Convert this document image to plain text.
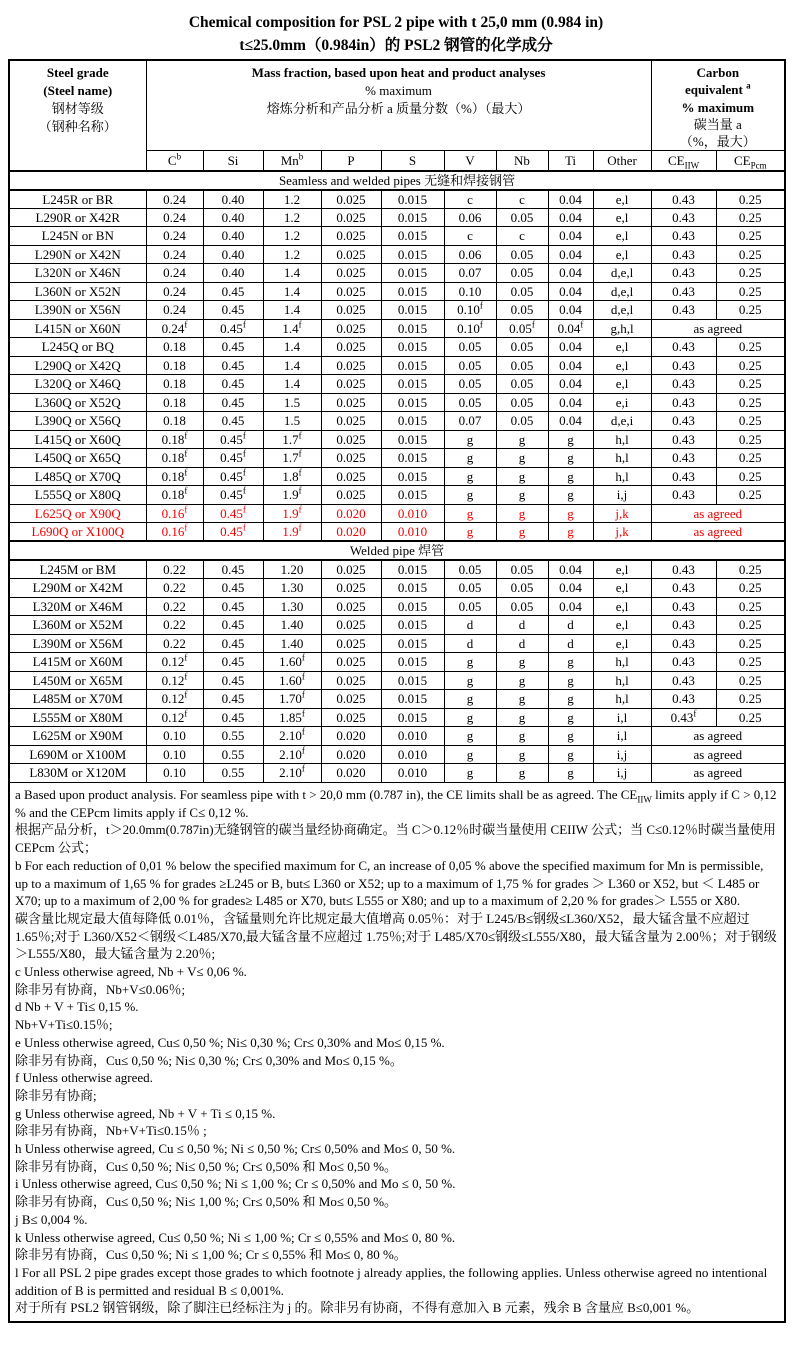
Chemical composition for PSL 2 pipe with t 25,0 mm (0.984 in)
t≤25.0mm（0.984in）的 PSL2 钢管的化学成分
Steel grade
(Steel name)
钢材等级
（钢种名称）

Mass fraction, based upon heat and product analyses
% maximum
熔炼分析和产品分析 a 质量分数（%）（最大）

Carbon
equivalent $^a$
% maximum
碳当量 a
（%，最大）

	$C^b$	Si	Mn$^b$	P	S	V	Nb	Ti	Other	$CE_{IIW}$	$CE_{Pcm}$
Seamless and welded pipes 无缝和焊接钢管											
L245R or BR	0.24	0.40	1.2	0.025	0.015	c	c	0.04	e,l	0.43	0.25
L290R or X42R	0.24	0.40	1.2	0.025	0.015	0.06	0.05	0.04	e,l	0.43	0.25
L245N or BN	0.24	0.40	1.2	0.025	0.015	c	c	0.04	e,l	0.43	0.25
L290N or X42N	0.24	0.40	1.2	0.025	0.015	0.06	0.05	0.04	e,l	0.43	0.25
L320N or X46N	0.24	0.40	1.4	0.025	0.015	0.07	0.05	0.04	d,e,l	0.43	0.25
L360N or X52N	0.24	0.45	1.4	0.025	0.015	0.10	0.05	0.04	d,e,l	0.43	0.25
L390N or X56N	0.24	0.45	1.4	0.025	0.015	0.10$^f$	0.05	0.04	d,e,l	0.43	0.25
L415N or X60N	0.24$^f$	0.45$^f$	1.4$^f$	0.025	0.015	0.10$^f$	0.05$^f$	0.04$^f$	g,h,l	as agreed	
L245Q or BQ	0.18	0.45	1.4	0.025	0.015	0.05	0.05	0.04	e,l	0.43	0.25
L290Q or X42Q	0.18	0.45	1.4	0.025	0.015	0.05	0.05	0.04	e,l	0.43	0.25
L320Q or X46Q	0.18	0.45	1.4	0.025	0.015	0.05	0.05	0.04	e,l	0.43	0.25
L360Q or X52Q	0.18	0.45	1.5	0.025	0.015	0.05	0.05	0.04	e,i	0.43	0.25
L390Q or X56Q	0.18	0.45	1.5	0.025	0.015	0.07	0.05	0.04	d,e,i	0.43	0.25
L415Q or X60Q	0.18$^f$	0.45$^f$	1.7$^f$	0.025	0.015	g	g	g	h,l	0.43	0.25
L450Q or X65Q	0.18$^f$	0.45$^f$	1.7$^f$	0.025	0.015	g	g	g	h,l	0.43	0.25
L485Q or X70Q	0.18$^f$	0.45$^f$	1.8$^f$	0.025	0.015	g	g	g	h,l	0.43	0.25
L555Q or X80Q	0.18$^f$	0.45$^f$	1.9$^f$	0.025	0.015	g	g	g	i,j	0.43	0.25
L625Q or X90Q	0.16$^f$	0.45$^f$	1.9$^f$	0.020	0.010	g	g	g	j,k	as agreed	
L690Q or X100Q	0.16$^f$	0.45$^f$	1.9$^f$	0.020	0.010	g	g	g	j,k	as agreed	
Welded pipe 焊管											
L245M or BM	0.22	0.45	1.20	0.025	0.015	0.05	0.05	0.04	e,l	0.43	0.25
L290M or X42M	0.22	0.45	1.30	0.025	0.015	0.05	0.05	0.04	e,l	0.43	0.25
L320M or X46M	0.22	0.45	1.30	0.025	0.015	0.05	0.05	0.04	e,l	0.43	0.25
L360M or X52M	0.22	0.45	1.40	0.025	0.015	d	d	d	e,l	0.43	0.25
L390M or X56M	0.22	0.45	1.40	0.025	0.015	d	d	d	e,l	0.43	0.25
L415M or X60M	0.12$^f$	0.45	1.60$^f$	0.025	0.015	g	g	g	h,l	0.43	0.25
L450M or X65M	0.12$^f$	0.45	1.60$^f$	0.025	0.015	g	g	g	h,l	0.43	0.25
L485M or X70M	0.12$^f$	0.45	1.70$^f$	0.025	0.015	g	g	g	h,l	0.43	0.25
L555M or X80M	0.12$^f$	0.45	1.85$^f$	0.025	0.015	g	g	g	i,l	0.43$^f$	0.25
L625M or X90M	0.10	0.55	2.10$^f$	0.020	0.010	g	g	g	i,l	as agreed	
L690M or X100M	0.10	0.55	2.10$^f$	0.020	0.010	g	g	g	i,j	as agreed	
L830M or X120M	0.10	0.55	2.10$^f$	0.020	0.010	g	g	g	i,j	as agreed	

a Based upon product analysis. For seamless pipe with t > 20,0 mm (0.787 in), the CE limits shall be as agreed. The $CE_{IIW}$ limits apply if C > 0,12 % and the CEPcm limits apply if C≤ 0,12 %.
根据产品分析，t＞20.0mm(0.787in)无缝钢管的碳当量经协商确定。当 C＞0.12％时碳当量使用 CEIIW 公式；当 C≤0.12％时碳当量使用 CEPcm 公式；
b For each reduction of 0,01 % below the specified maximum for C, an increase of 0,05 % above the specified maximum for Mn is permissible, up to a maximum of 1,65 % for grades ≥L245 or B, but≤ L360 or X52; up to a maximum of 1,75 % for grades ＞ L360 or X52, but ＜ L485 or X70; up to a maximum of 2,00 % for grades≥ L485 or X70, but≤ L555 or X80; and up to a maximum of 2,20 % for grades＞ L555 or X80.
碳含量比规定最大值每降低 0.01％，含锰量则允许比规定最大值增高 0.05％：对于 L245/B≤钢级≤L360/X52，最大锰含量不应超过 1.65％;对于 L360/X52＜钢级＜L485/X70,最大锰含量不应超过 1.75％;对于 L485/X70≤钢级≤L555/X80，最大锰含量为 2.00％；对于钢级＞L555/X80，最大锰含量为 2.20％;
c Unless otherwise agreed, Nb + V≤ 0,06 %.
除非另有协商，Nb+V≤0.06％;
d Nb + V + Ti≤ 0,15 %.
Nb+V+Ti≤0.15％;
e Unless otherwise agreed, Cu≤ 0,50 %; Ni≤ 0,30 %; Cr≤ 0,30% and Mo≤ 0,15 %.
除非另有协商，Cu≤ 0,50 %; Ni≤ 0,30 %; Cr≤ 0,30% and Mo≤ 0,15 %。
f Unless otherwise agreed.
除非另有协商;
g Unless otherwise agreed, Nb + V + Ti ≤ 0,15 %.
除非另有协商，Nb+V+Ti≤0.15％ ;
h Unless otherwise agreed, Cu ≤ 0,50 %; Ni ≤ 0,50 %; Cr≤ 0,50% and Mo≤ 0, 50 %.
除非另有协商，Cu≤ 0,50 %; Ni≤ 0,50 %; Cr≤ 0,50% 和 Mo≤ 0,50 %。
i Unless otherwise agreed, Cu≤ 0,50 %; Ni ≤ 1,00 %; Cr ≤ 0,50% and Mo ≤ 0, 50 %.
除非另有协商，Cu≤ 0,50 %; Ni≤ 1,00 %; Cr≤ 0,50% 和 Mo≤ 0,50 %。
j B≤ 0,004 %.
k Unless otherwise agreed, Cu≤ 0,50 %; Ni ≤ 1,00 %; Cr ≤ 0,55% and Mo≤ 0, 80 %.
除非另有协商，Cu≤ 0,50 %; Ni ≤ 1,00 %; Cr ≤ 0,55% 和 Mo≤ 0, 80 %。
l For all PSL 2 pipe grades except those grades to which footnote j already applies, the following applies. Unless otherwise agreed no intentional addition of B is permitted and residual B ≤ 0,001%.
对于所有 PSL2 钢管钢级，除了脚注已经标注为 j 的。除非另有协商，不得有意加入 B 元素，残余 B 含量应 B≤0,001 %。
